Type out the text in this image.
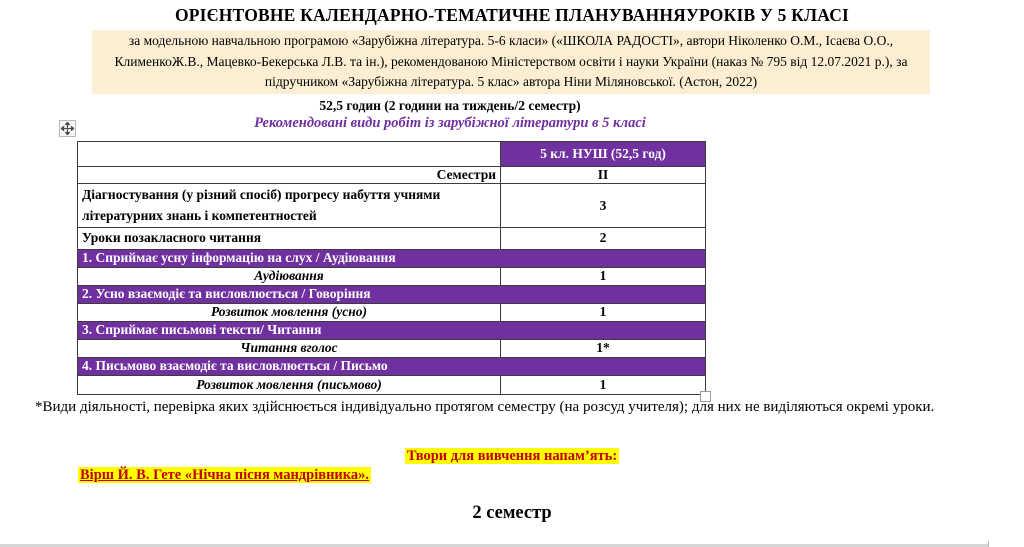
ОРІЄНТОВНЕ КАЛЕНДАРНО-ТЕМАТИЧНЕ ПЛАНУВАННЯУРОКІВ У 5 КЛАСІ
за модельною навчальною програмою «Зарубіжна література. 5-6 класи» («ШКОЛА РАДОСТІ», автори Ніколенко О.М., Ісаєва О.О., КлименкоЖ.В., Мацевко-Бекерська Л.В. та ін.), рекомендованою Міністерством освіти і науки України (наказ № 795 від 12.07.2021 р.), за підручником «Зарубіжна література. 5 клас» автора Ніни Міляновської. (Астон, 2022)
52,5 годин (2 години на тиждень/2 семестр)
Рекомендовані види робіт із зарубіжної літератури в 5 класі
	5 кл. НУШ (52,5 год)
Семестри	II
Діагностування (у різний спосіб) прогресу набуття учнями літературних знань і компетентностей	3
Уроки позакласного читання	2
1. Сприймає усну інформацію на слух / Аудіювання	
Аудіювання	1
2. Усно взаємодіє та висловлюється / Говоріння	
Розвиток мовлення (усно)	1
3. Сприймає письмові тексти/ Читання	
Читання вголос	1*
4. Письмово взаємодіє та висловлюється / Письмо	
Розвиток мовлення (письмово)	1
*Види діяльності, перевірка яких здійснюється індивідуально протягом семестру (на розсуд учителя); для них не виділяються окремі уроки.
Твори для вивчення напам’ять:
Вірш Й. В. Гете «Нічна пісня мандрівника».
2 семестр
